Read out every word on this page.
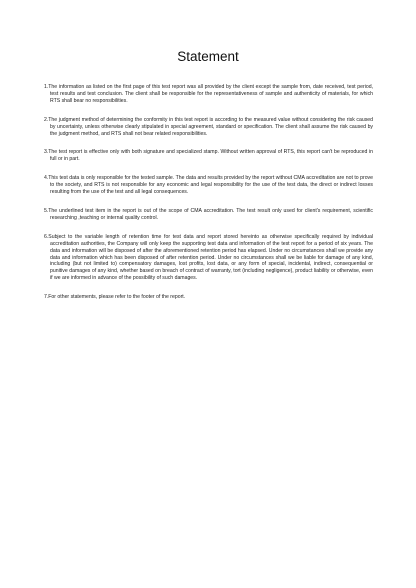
Statement
1.The information as listed on the first page of this test report was all provided by the client except the sample from, date received, test period, test results and test conclusion. The client shall be responsible for the representativeness of sample and authenticity of materials, for which RTS shall bear no responsibilities.
2.The judgment method of determining the conformity in this test report is according to the measured value without considering the risk caused by uncertainty, unless otherwise clearly stipulated in special agreement, standard or specification. The client shall assume the risk caused by the judgment method, and RTS shall not bear related responsibilities.
3.The test report is effective only with both signature and specialized stamp. Without written approval of RTS, this report can't be reproduced in full or in part.
4.This test data is only responsible for the tested sample. The data and results provided by the report without CMA accreditation are not to prove to the society, and RTS is not responsible for any economic and legal responsibility for the use of the test data, the direct or indirect losses resulting from the use of the test and all legal consequences.
5.The underlined test item in the report is out of the scope of CMA accreditation. The test result only used for client's requirement, scientific researching ,teaching or internal quality control.
6.Subject to the variable length of retention time for test data and report stored hereinto as otherwise specifically required by individual accreditation authorities, the Company will only keep the supporting test data and information of the test report for a period of six years. The data and information will be disposed of after the aforementioned retention period has elapsed. Under no circumstances shall we provide any data and information which has been disposed of after retention period. Under no circumstances shall we be liable for damage of any kind, including (but not limited to) compensatory damages, lost profits, lost data, or any form of special, incidental, indirect, consequential or punitive damages of any kind, whether based on breach of contract of warranty, tort (including negligence), product liability or otherwise, even if we are informed in advance of the possibility of such damages.
7.For other statements, please refer to the footer of the report.
